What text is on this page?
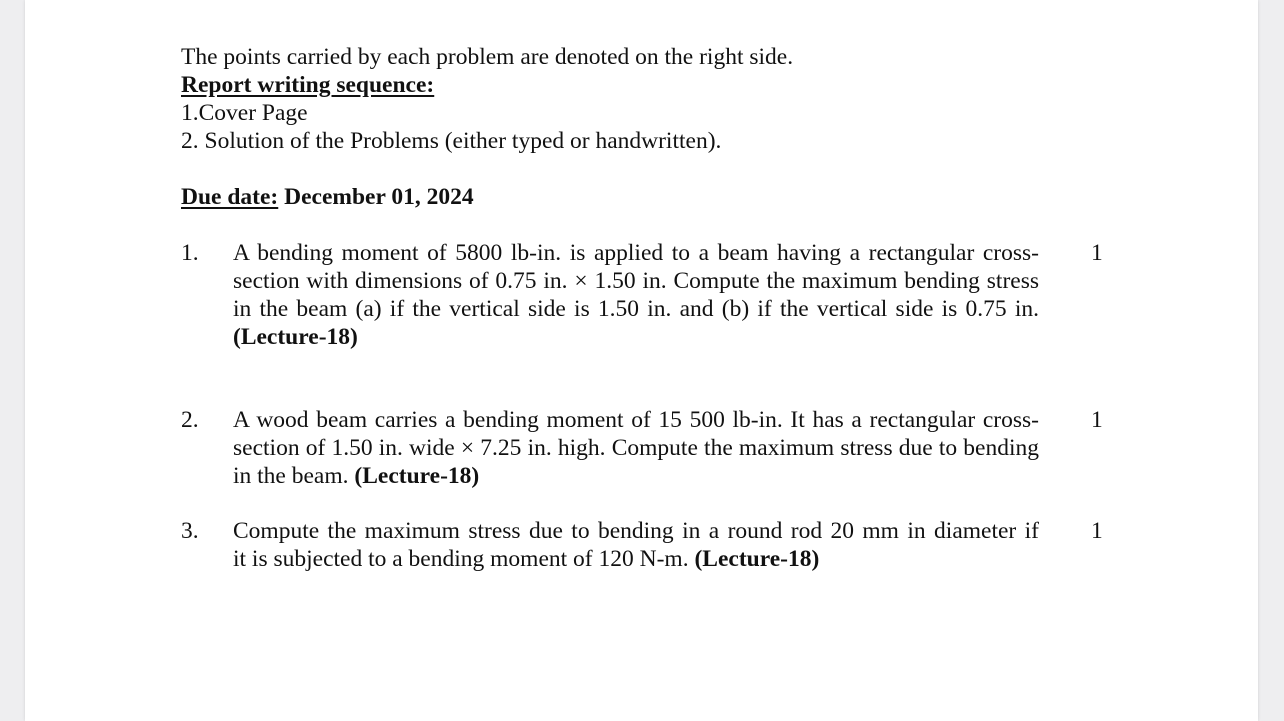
The points carried by each problem are denoted on the right side.
Report writing sequence:
1.Cover Page
2. Solution of the Problems (either typed or handwritten).
Due date: December 01, 2024
1. A bending moment of 5800 lb-in. is applied to a beam having a rectangular cross-
section with dimensions of 0.75 in. × 1.50 in. Compute the maximum bending stress
in the beam (a) if the vertical side is 1.50 in. and (b) if the vertical side is 0.75 in.
(Lecture-18)
1
2. A wood beam carries a bending moment of 15 500 lb-in. It has a rectangular cross-
section of 1.50 in. wide × 7.25 in. high. Compute the maximum stress due to bending
in the beam. (Lecture-18)
1
3. Compute the maximum stress due to bending in a round rod 20 mm in diameter if
it is subjected to a bending moment of 120 N-m. (Lecture-18)
1
